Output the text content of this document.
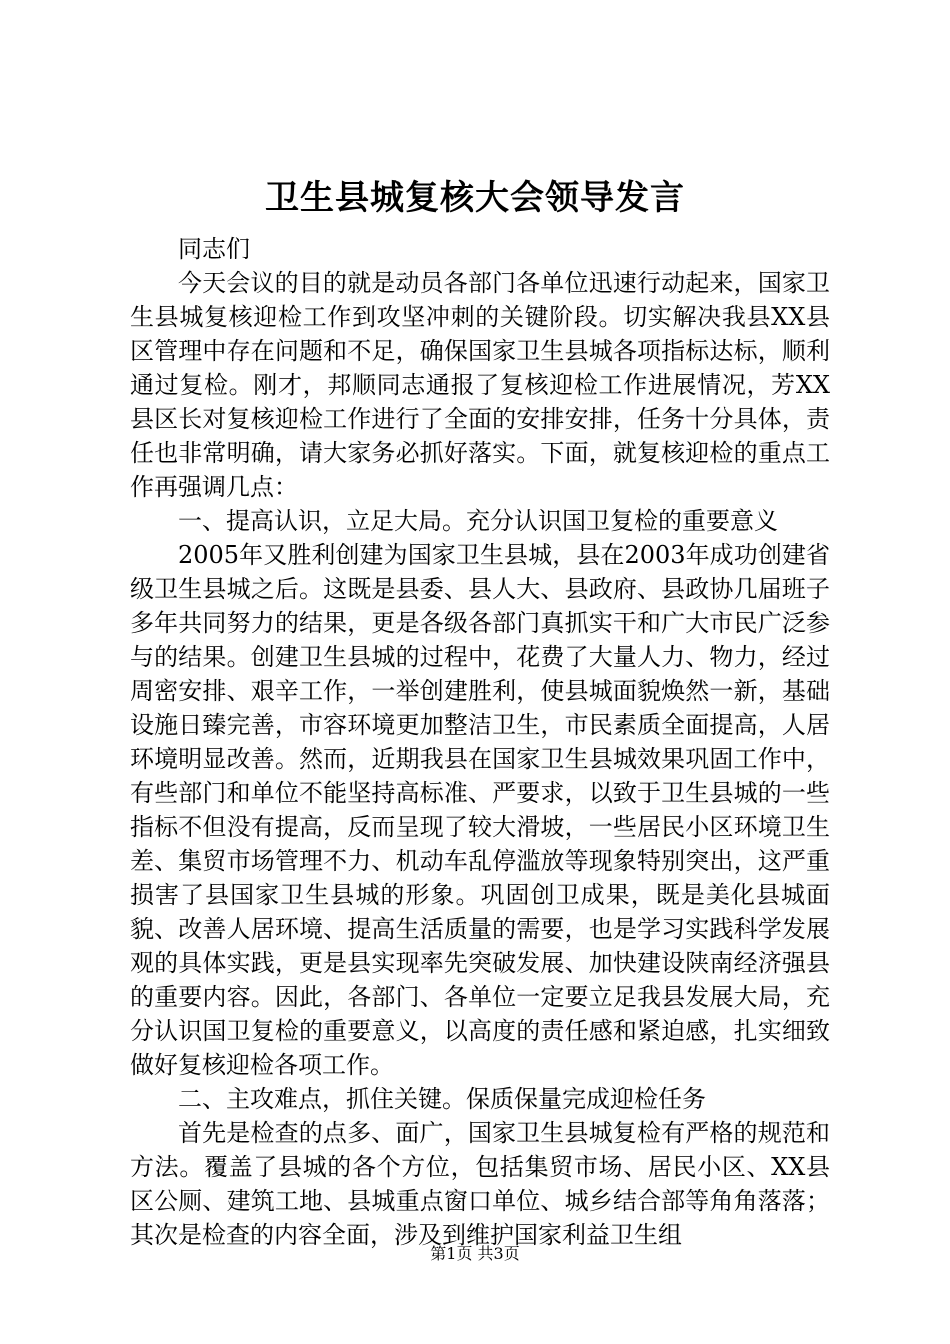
卫生县城复核大会领导发言

同志们

今天会议的目的就是动员各部门各单位迅速行动起来，国家卫生县城复核迎检工作到攻坚冲刺的关键阶段。切实解决我县XX县区管理中存在问题和不足，确保国家卫生县城各项指标达标，顺利通过复检。刚才，邦顺同志通报了复核迎检工作进展情况，芳XX县区长对复核迎检工作进行了全面的安排安排，任务十分具体，责任也非常明确，请大家务必抓好落实。下面，就复核迎检的重点工作再强调几点：

一、提高认识，立足大局。充分认识国卫复检的重要意义

2005年又胜利创建为国家卫生县城，县在2003年成功创建省级卫生县城之后。这既是县委、县人大、县政府、县政协几届班子多年共同努力的结果，更是各级各部门真抓实干和广大市民广泛参与的结果。创建卫生县城的过程中，花费了大量人力、物力，经过周密安排、艰辛工作，一举创建胜利，使县城面貌焕然一新，基础设施日臻完善，市容环境更加整洁卫生，市民素质全面提高，人居环境明显改善。然而，近期我县在国家卫生县城效果巩固工作中，有些部门和单位不能坚持高标准、严要求，以致于卫生县城的一些指标不但没有提高，反而呈现了较大滑坡，一些居民小区环境卫生差、集贸市场管理不力、机动车乱停滥放等现象特别突出，这严重损害了县国家卫生县城的形象。巩固创卫成果，既是美化县城面貌、改善人居环境、提高生活质量的需要，也是学习实践科学发展观的具体实践，更是县实现率先突破发展、加快建设陕南经济强县的重要内容。因此，各部门、各单位一定要立足我县发展大局，充分认识国卫复检的重要意义，以高度的责任感和紧迫感，扎实细致做好复核迎检各项工作。

二、主攻难点，抓住关键。保质保量完成迎检任务

首先是检查的点多、面广，国家卫生县城复检有严格的规范和方法。覆盖了县城的各个方位，包括集贸市场、居民小区、XX县区公厕、建筑工地、县城重点窗口单位、城乡结合部等角角落落；其次是检查的内容全面，涉及到维护国家利益卫生组

第1页 共3页
